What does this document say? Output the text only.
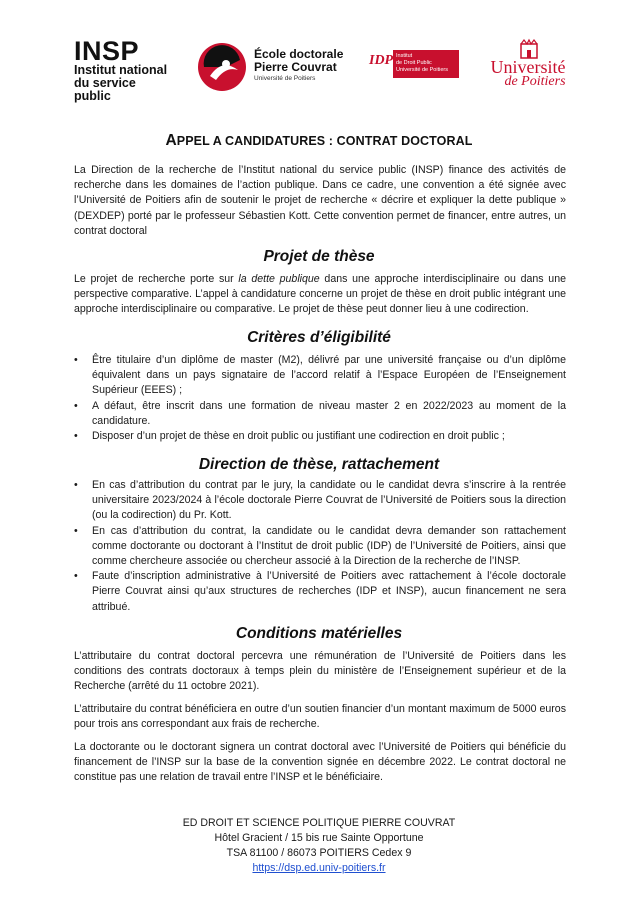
INSP
Institut national
du service public
École doctorale
Pierre Couvrat
Université de Poitiers
IDP Institut
de Droit Public
Université de Poitiers	Université
de Poitiers
APPEL A CANDIDATURES : CONTRAT DOCTORAL
La Direction de la recherche de l’Institut national du service public (INSP) finance des activités de recherche dans les domaines de l’action publique. Dans ce cadre, une convention a été signée avec l’Université de Poitiers afin de soutenir le projet de recherche « décrire et expliquer la dette publique » (DEXDEP) porté par le professeur Sébastien Kott. Cette convention permet de financer, entre autres, un contrat doctoral
Projet de thèse
Le projet de recherche porte sur la dette publique dans une approche interdisciplinaire ou dans une perspective comparative. L’appel à candidature concerne un projet de thèse en droit public intégrant une approche interdisciplinaire ou comparative. Le projet de thèse peut donner lieu à une codirection.
Critères d’éligibilité
• Être titulaire d’un diplôme de master (M2), délivré par une université française ou d’un diplôme équivalent dans un pays signataire de l’accord relatif à l’Espace Européen de l’Enseignement Supérieur (EEES) ;
• A défaut, être inscrit dans une formation de niveau master 2 en 2022/2023 au moment de la candidature.
• Disposer d’un projet de thèse en droit public ou justifiant une codirection en droit public ;
Direction de thèse, rattachement
• En cas d’attribution du contrat par le jury, la candidate ou le candidat devra s’inscrire à la rentrée universitaire 2023/2024 à l’école doctorale Pierre Couvrat de l’Université de Poitiers sous la direction (ou la codirection) du Pr. Kott.
• En cas d’attribution du contrat, la candidate ou le candidat devra demander son rattachement comme doctorante ou doctorant à l’Institut de droit public (IDP) de l’Université de Poitiers, ainsi que comme chercheure associée ou chercheur associé à la Direction de la recherche de l’INSP.
• Faute d’inscription administrative à l’Université de Poitiers avec rattachement à l’école doctorale Pierre Couvrat ainsi qu’aux structures de recherches (IDP et INSP), aucun financement ne sera attribué.
Conditions matérielles
L’attributaire du contrat doctoral percevra une rémunération de l’Université de Poitiers dans les conditions des contrats doctoraux à temps plein du ministère de l’Enseignement supérieur et de la Recherche (arrêté du 11 octobre 2021).
L’attributaire du contrat bénéficiera en outre d’un soutien financier d’un montant maximum de 5000 euros pour trois ans correspondant aux frais de recherche.
La doctorante ou le doctorant signera un contrat doctoral avec l’Université de Poitiers qui bénéficie du financement de l’INSP sur la base de la convention signée en décembre 2022. Le contrat doctoral ne constitue pas une relation de travail entre l’INSP et le bénéficiaire.
ED DROIT ET SCIENCE POLITIQUE PIERRE COUVRAT
Hôtel Gracient / 15 bis rue Sainte Opportune
TSA 81100 / 86073 POITIERS Cedex 9
https://dsp.ed.univ-poitiers.fr
